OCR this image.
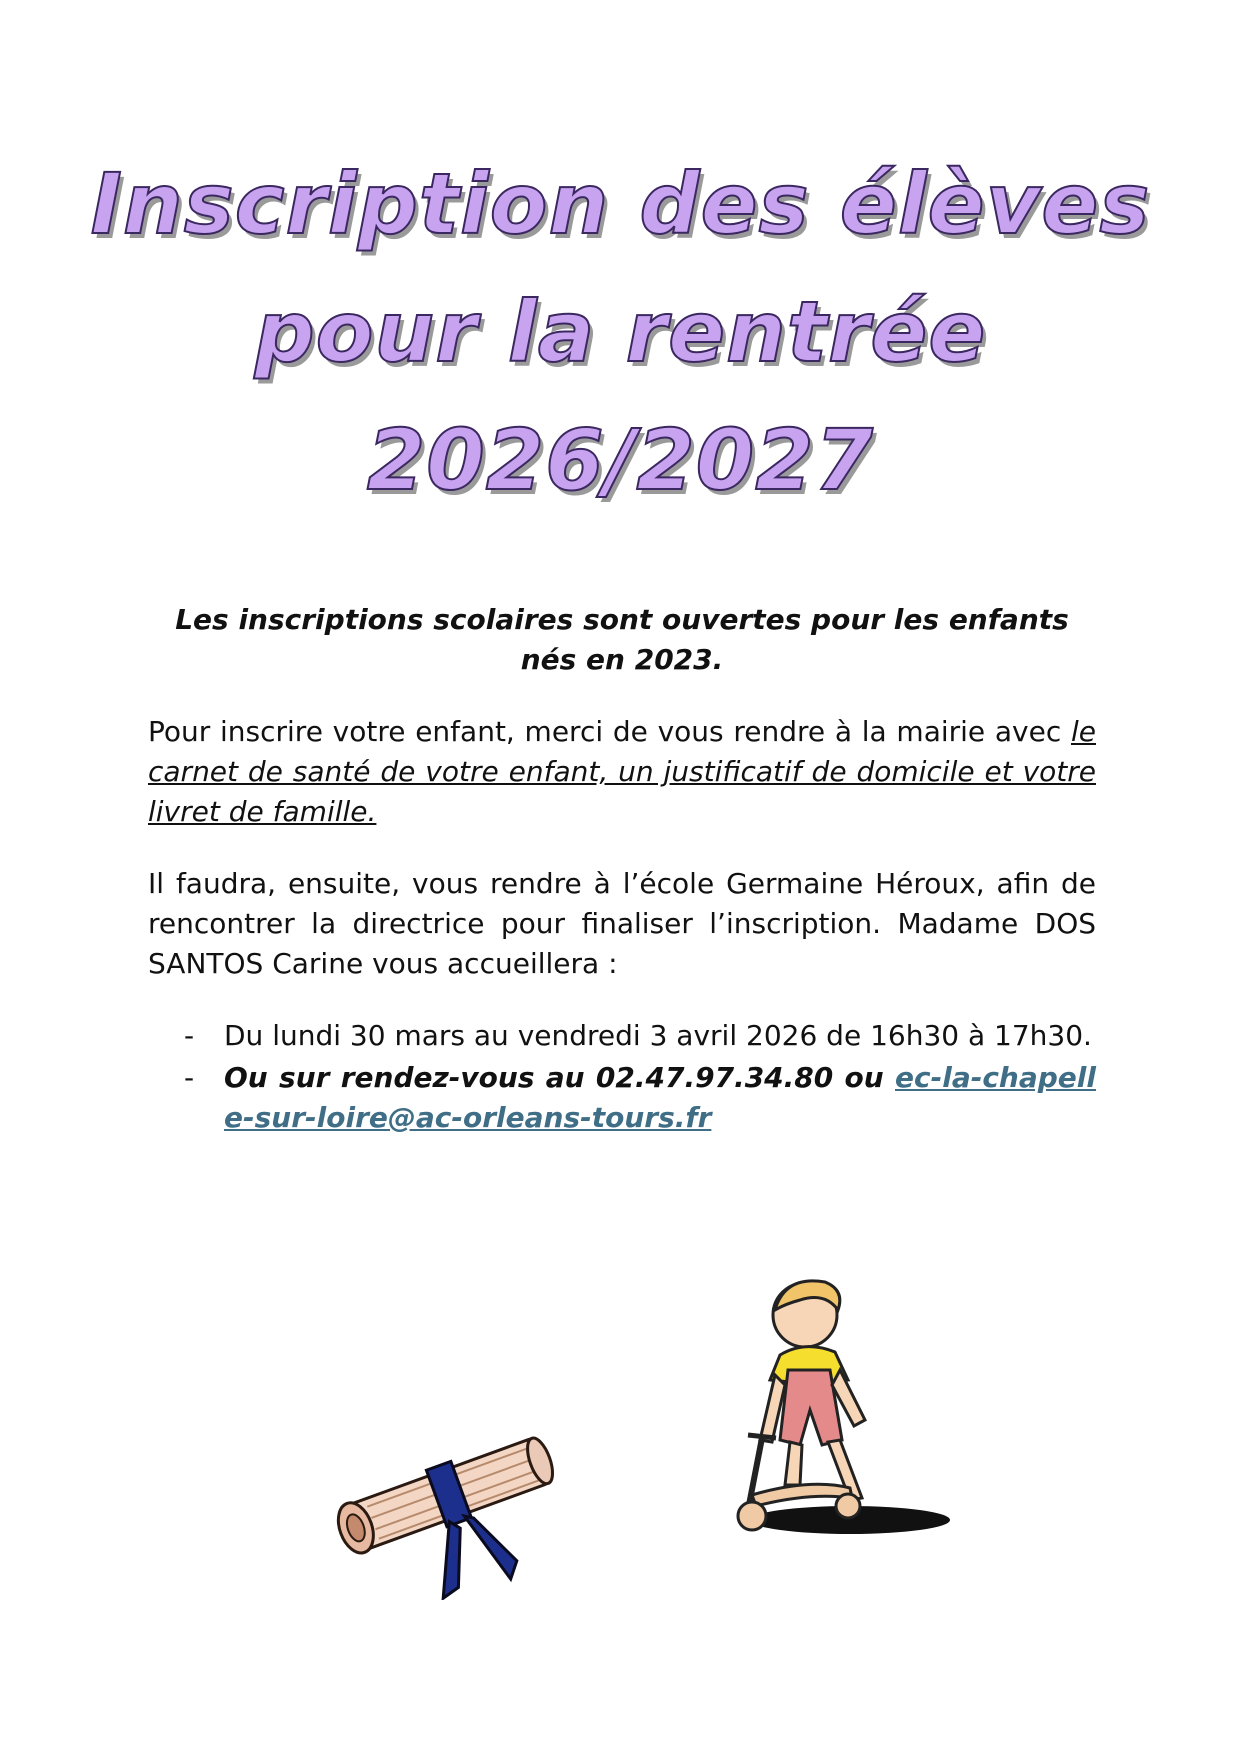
Inscription des élèves
pour la rentrée
2026/2027

Les inscriptions scolaires sont ouvertes pour les enfants
nés en 2023.

Pour inscrire votre enfant, merci de vous rendre à la mairie avec le carnet de santé de votre enfant, un justificatif de domicile et votre livret de famille.

Il faudra, ensuite, vous rendre à l’école Germaine Héroux, afin de rencontrer la directrice pour finaliser l’inscription. Madame DOS SANTOS Carine vous accueillera :

- Du lundi 30 mars au vendredi 3 avril 2026 de 16h30 à 17h30.
- Ou sur rendez-vous au 02.47.97.34.80 ou ec-la-chapelle-sur-loire@ac-orleans-tours.fr
